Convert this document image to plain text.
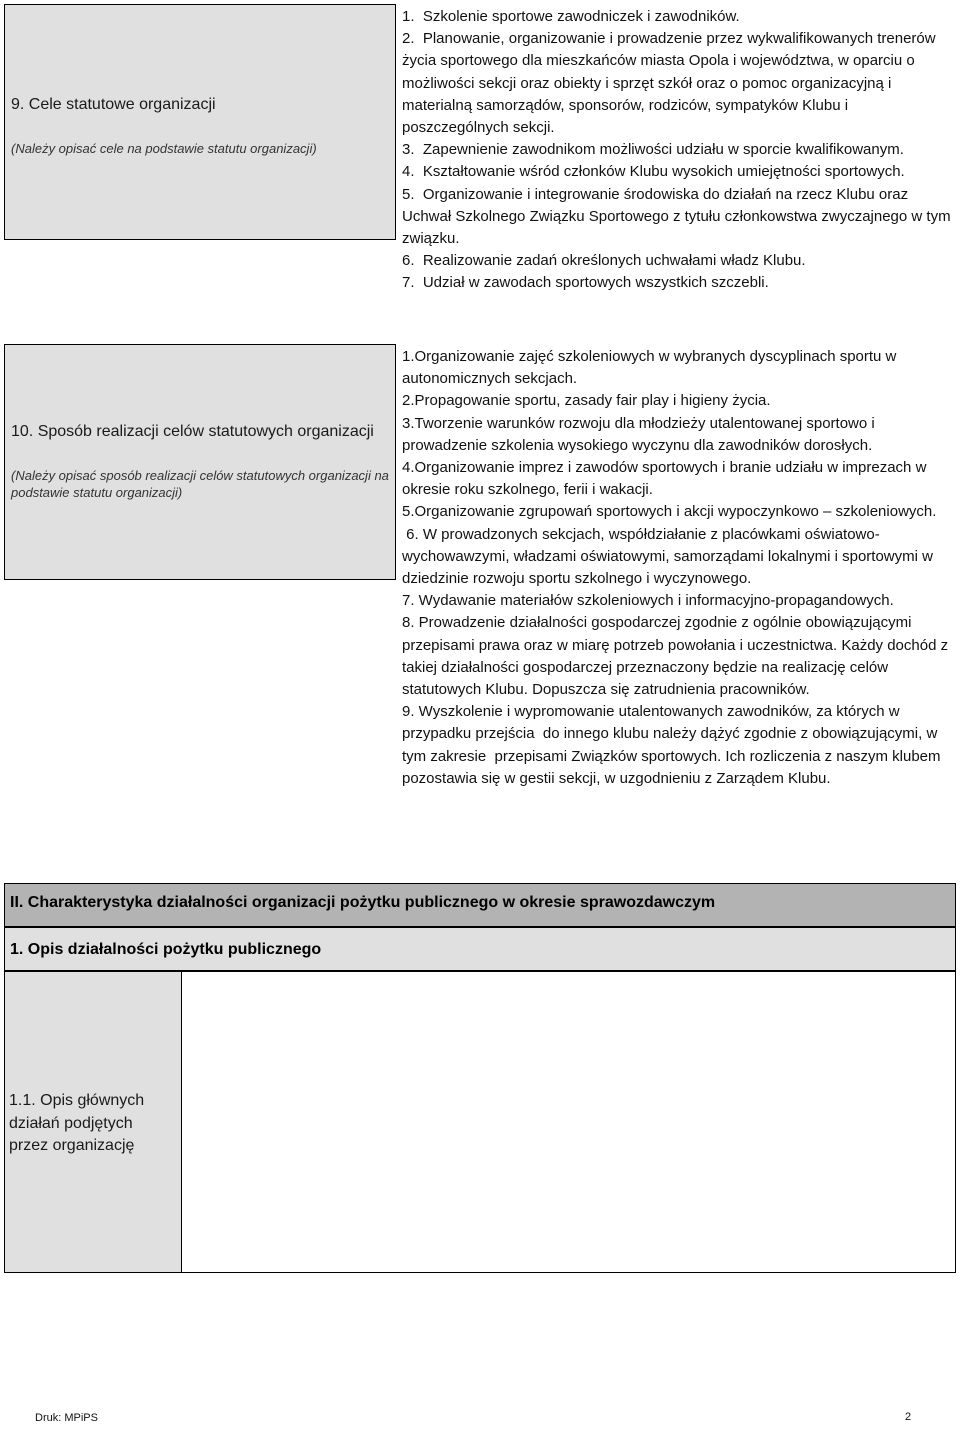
9. Cele statutowe organizacji
(Należy opisać cele na podstawie statutu organizacji)

1.  Szkolenie sportowe zawodniczek i zawodników.

2.  Planowanie, organizowanie i prowadzenie przez wykwalifikowanych trenerów  życia sportowego dla mieszkańców miasta Opola i województwa, w oparciu o możliwości sekcji oraz obiekty i sprzęt szkół oraz o pomoc organizacyjną i materialną samorządów, sponsorów, rodziców, sympatyków Klubu i poszczególnych sekcji.

3.  Zapewnienie zawodnikom możliwości udziału w sporcie kwalifikowanym.

4.  Kształtowanie wśród członków Klubu wysokich umiejętności sportowych.

5.  Organizowanie i integrowanie środowiska do działań na rzecz Klubu oraz Uchwał Szkolnego Związku Sportowego z tytułu członkowstwa zwyczajnego w tym związku.

6.  Realizowanie zadań określonych uchwałami władz Klubu.

7.  Udział w zawodach sportowych wszystkich szczebli.

10. Sposób realizacji celów statutowych organizacji
(Należy opisać sposób realizacji celów statutowych organizacji na podstawie statutu organizacji)

1.Organizowanie zajęć szkoleniowych w wybranych dyscyplinach sportu w autonomicznych sekcjach.

2.Propagowanie sportu, zasady fair play i higieny życia.

3.Tworzenie warunków rozwoju dla młodzieży utalentowanej sportowo i prowadzenie szkolenia wysokiego wyczynu dla zawodników dorosłych.

4.Organizowanie imprez i zawodów sportowych i branie udziału w imprezach w okresie roku szkolnego, ferii i wakacji.

5.Organizowanie zgrupowań sportowych i akcji wypoczynkowo – szkoleniowych.

6. W prowadzonych sekcjach, współdziałanie z placówkami oświatowo-wychowawzymi, władzami oświatowymi, samorządami lokalnymi i sportowymi w dziedzinie rozwoju sportu szkolnego i wyczynowego.

7. Wydawanie materiałów szkoleniowych i informacyjno-propagandowych.

8. Prowadzenie działalności gospodarczej zgodnie z ogólnie obowiązującymi przepisami prawa oraz w miarę potrzeb powołania i uczestnictwa. Każdy dochód z takiej działalności gospodarczej przeznaczony będzie na realizację celów statutowych Klubu. Dopuszcza się zatrudnienia pracowników.

9. Wyszkolenie i wypromowanie utalentowanych zawodników, za których w przypadku przejścia  do innego klubu należy dążyć zgodnie z obowiązującymi, w tym zakresie  przepisami Związków sportowych. Ich rozliczenia z naszym klubem pozostawia się w gestii sekcji, w uzgodnieniu z Zarządem Klubu.

II. Charakterystyka działalności organizacji pożytku publicznego w okresie sprawozdawczym
1. Opis działalności pożytku publicznego
1.1. Opis głównych działań podjętych przez organizację
Druk: MPiPS	2
